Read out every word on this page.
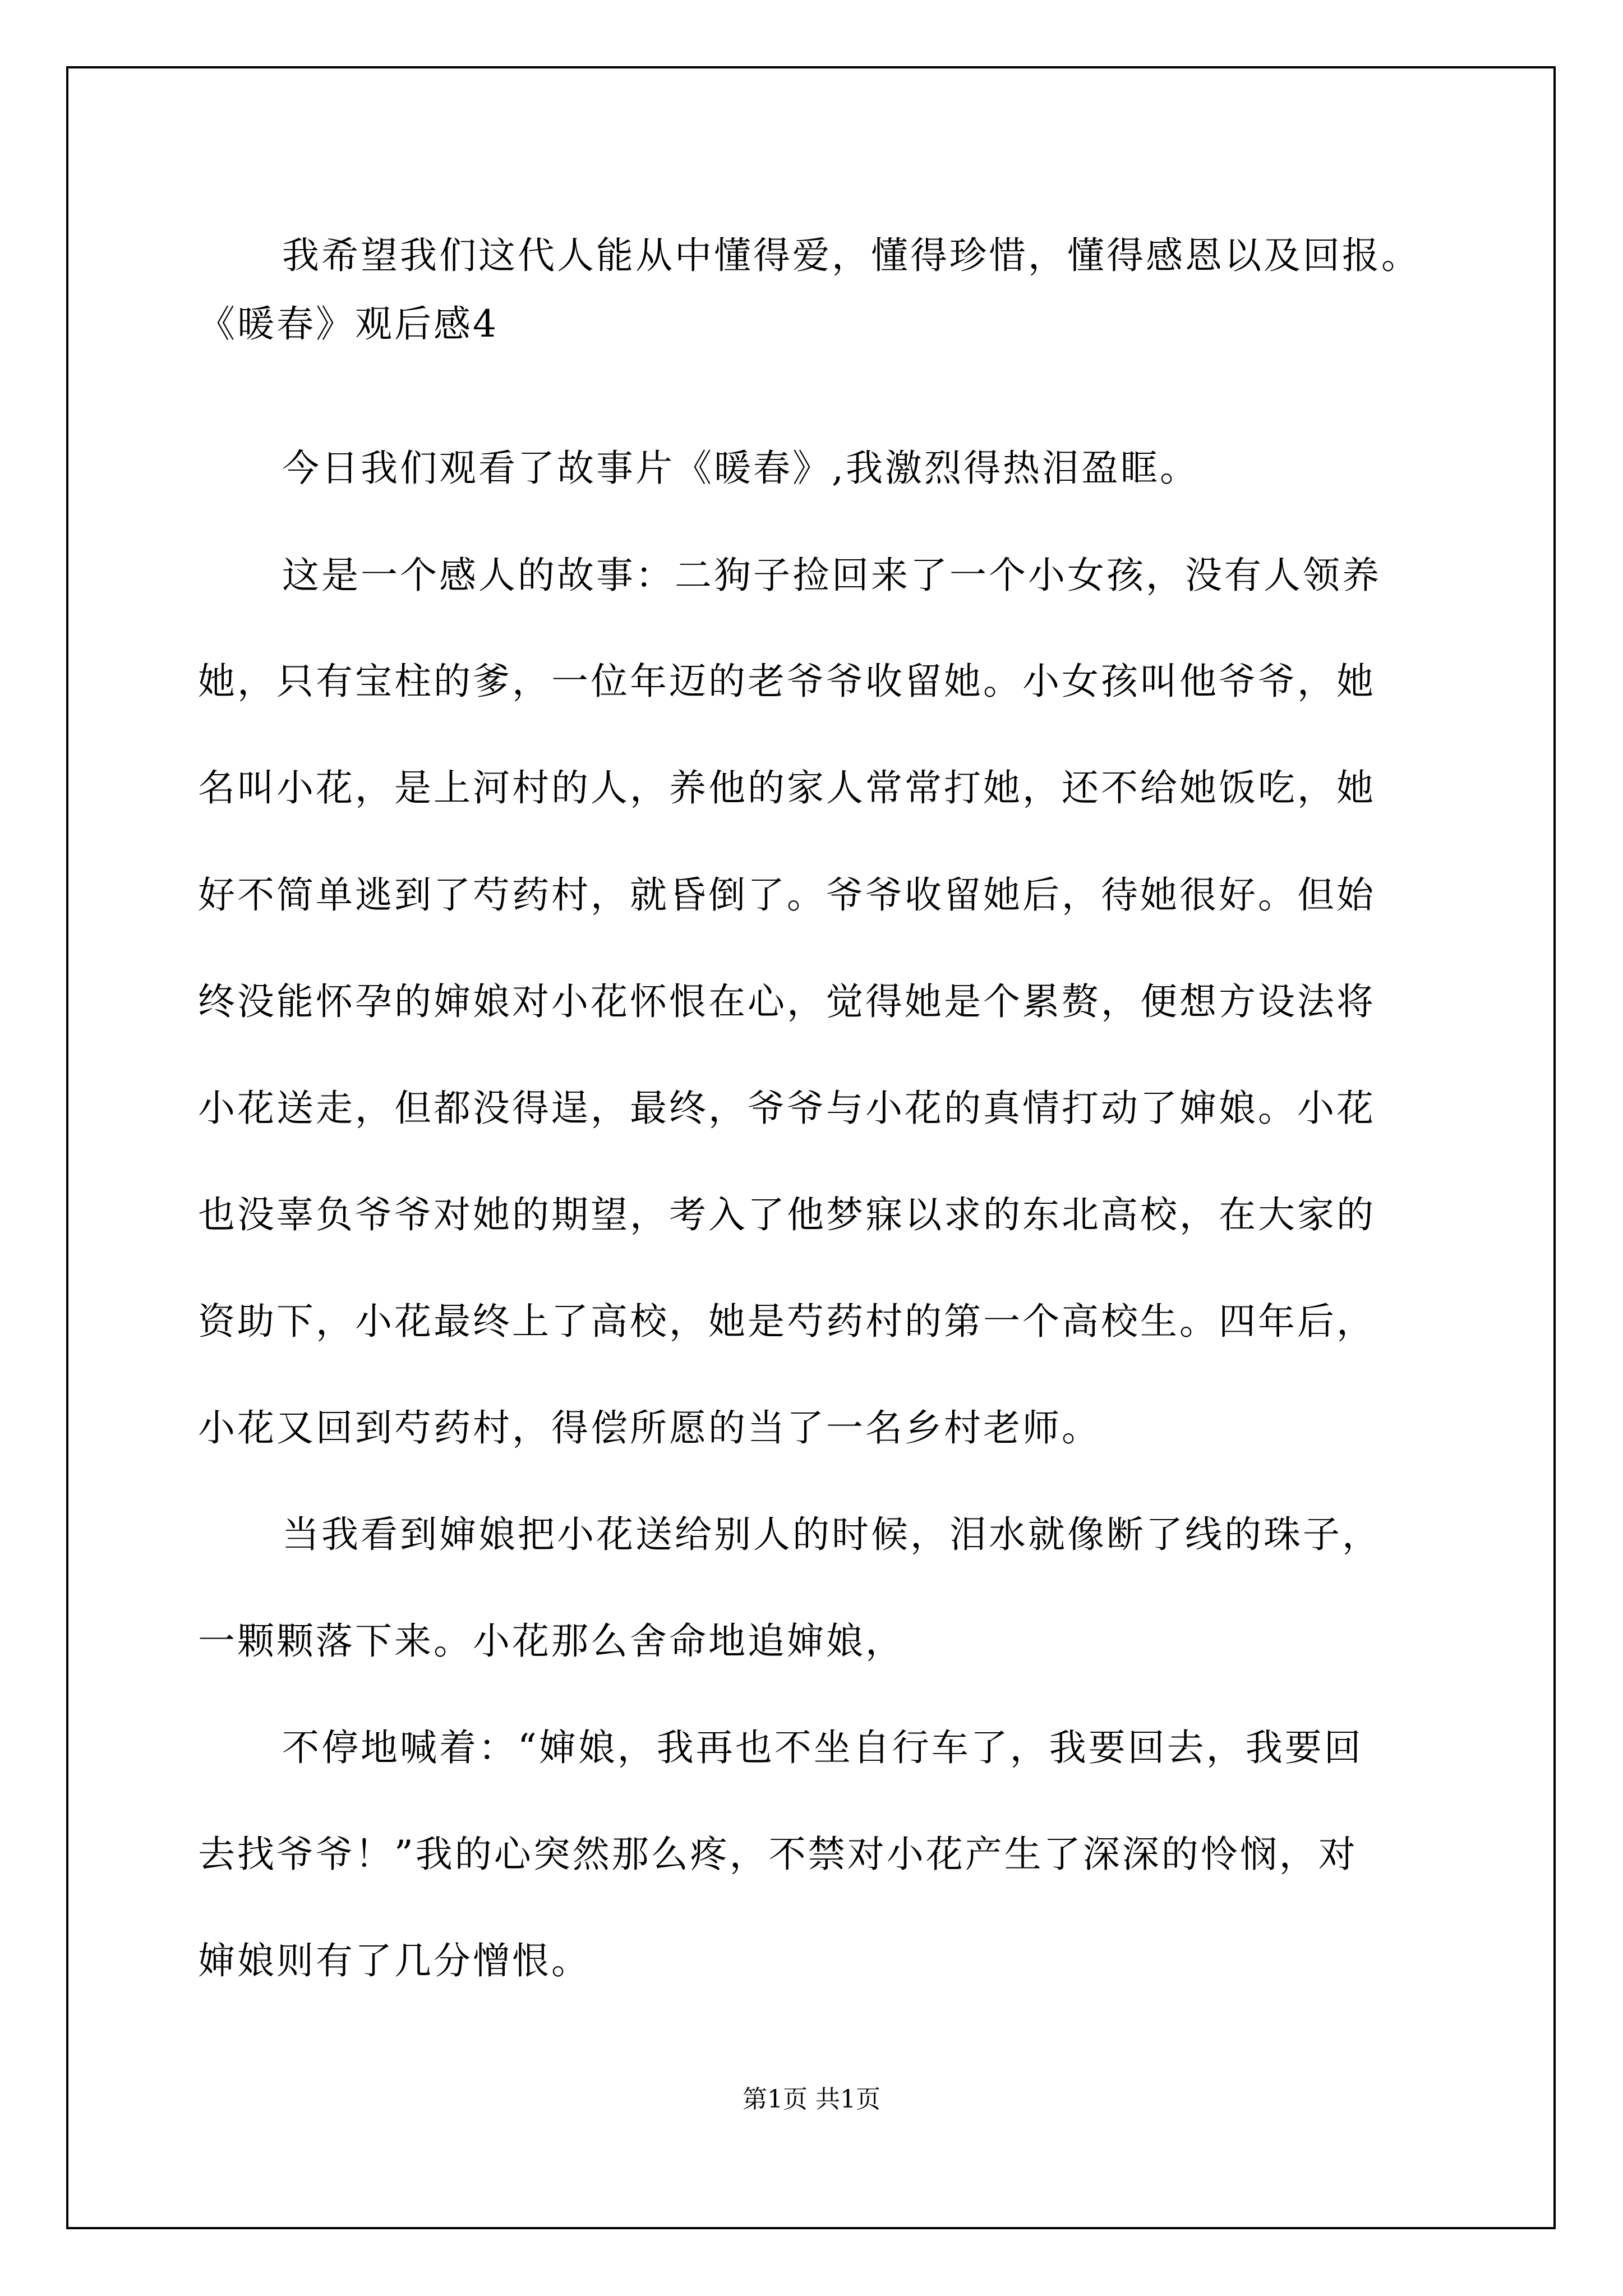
我希望我们这代人能从中懂得爱，懂得珍惜，懂得感恩以及回报。
《暖春》观后感4
今日我们观看了故事片《暖春》,我激烈得热泪盈眶。
这是一个感人的故事：二狗子捡回来了一个小女孩，没有人领养
她，只有宝柱的爹，一位年迈的老爷爷收留她。小女孩叫他爷爷，她
名叫小花，是上河村的人，养他的家人常常打她，还不给她饭吃，她
好不简单逃到了芍药村，就昏倒了。爷爷收留她后，待她很好。但始
终没能怀孕的婶娘对小花怀恨在心，觉得她是个累赘，便想方设法将
小花送走，但都没得逞，最终，爷爷与小花的真情打动了婶娘。小花
也没辜负爷爷对她的期望，考入了他梦寐以求的东北高校，在大家的
资助下，小花最终上了高校，她是芍药村的第一个高校生。四年后，
小花又回到芍药村，得偿所愿的当了一名乡村老师。
当我看到婶娘把小花送给别人的时候，泪水就像断了线的珠子，
一颗颗落下来。小花那么舍命地追婶娘，
不停地喊着：“婶娘，我再也不坐自行车了，我要回去，我要回
去找爷爷！”我的心突然那么疼，不禁对小花产生了深深的怜悯，对
婶娘则有了几分憎恨。
第1页 共1页
